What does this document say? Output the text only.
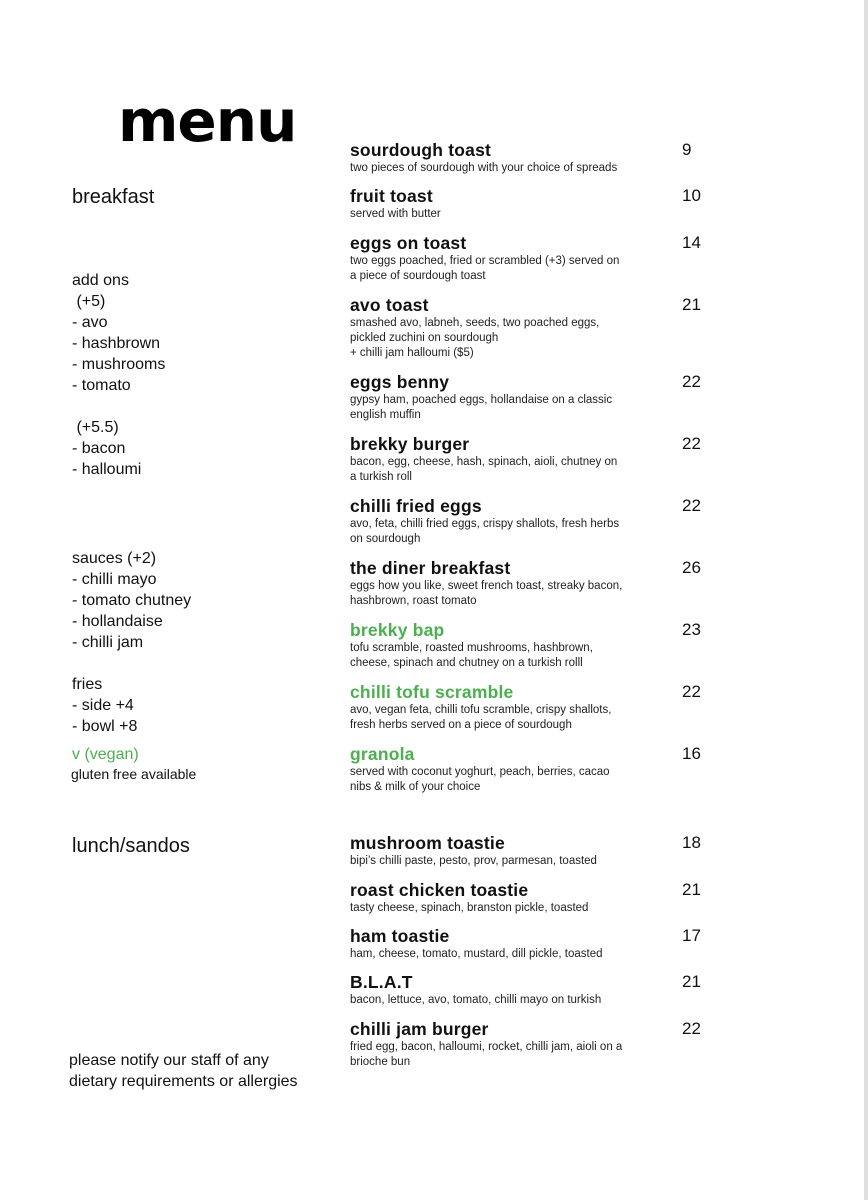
menu
breakfast
add ons
(+5)
- avo
- hashbrown
- mushrooms
- tomato
(+5.5)
- bacon
- halloumi
sauces (+2)
- chilli mayo
- tomato chutney
- hollandaise
- chilli jam
fries
- side +4
- bowl +8
v (vegan)
gluten free available
lunch/sandos
please notify our staff of any
dietary requirements or allergies
sourdough toast	9
two pieces of sourdough with your choice of spreads
fruit toast	10
served with butter
eggs on toast	14
two eggs poached, fried or scrambled (+3) served on
a piece of sourdough toast
avo toast	21
smashed avo, labneh, seeds, two poached eggs,
pickled zuchini on sourdough
+ chilli jam halloumi ($5)
eggs benny	22
gypsy ham, poached eggs, hollandaise on a classic
english muffin
brekky burger	22
bacon, egg, cheese, hash, spinach, aioli, chutney on
a turkish roll
chilli fried eggs	22
avo, feta, chilli fried eggs, crispy shallots, fresh herbs
on sourdough
the diner breakfast	26
eggs how you like, sweet french toast, streaky bacon,
hashbrown, roast tomato
brekky bap	23
tofu scramble, roasted mushrooms, hashbrown,
cheese, spinach and chutney on a turkish rolll
chilli tofu scramble	22
avo, vegan feta, chilli tofu scramble, crispy shallots,
fresh herbs served on a piece of sourdough
granola	16
served with coconut yoghurt, peach, berries, cacao
nibs & milk of your choice
mushroom toastie	18
bipi’s chilli paste, pesto, prov, parmesan, toasted
roast chicken toastie	21
tasty cheese, spinach, branston pickle, toasted
ham toastie	17
ham, cheese, tomato, mustard, dill pickle, toasted
B.L.A.T	21
bacon, lettuce, avo, tomato, chilli mayo on turkish
chilli jam burger	22
fried egg, bacon, halloumi, rocket, chilli jam, aioli on a
brioche bun
